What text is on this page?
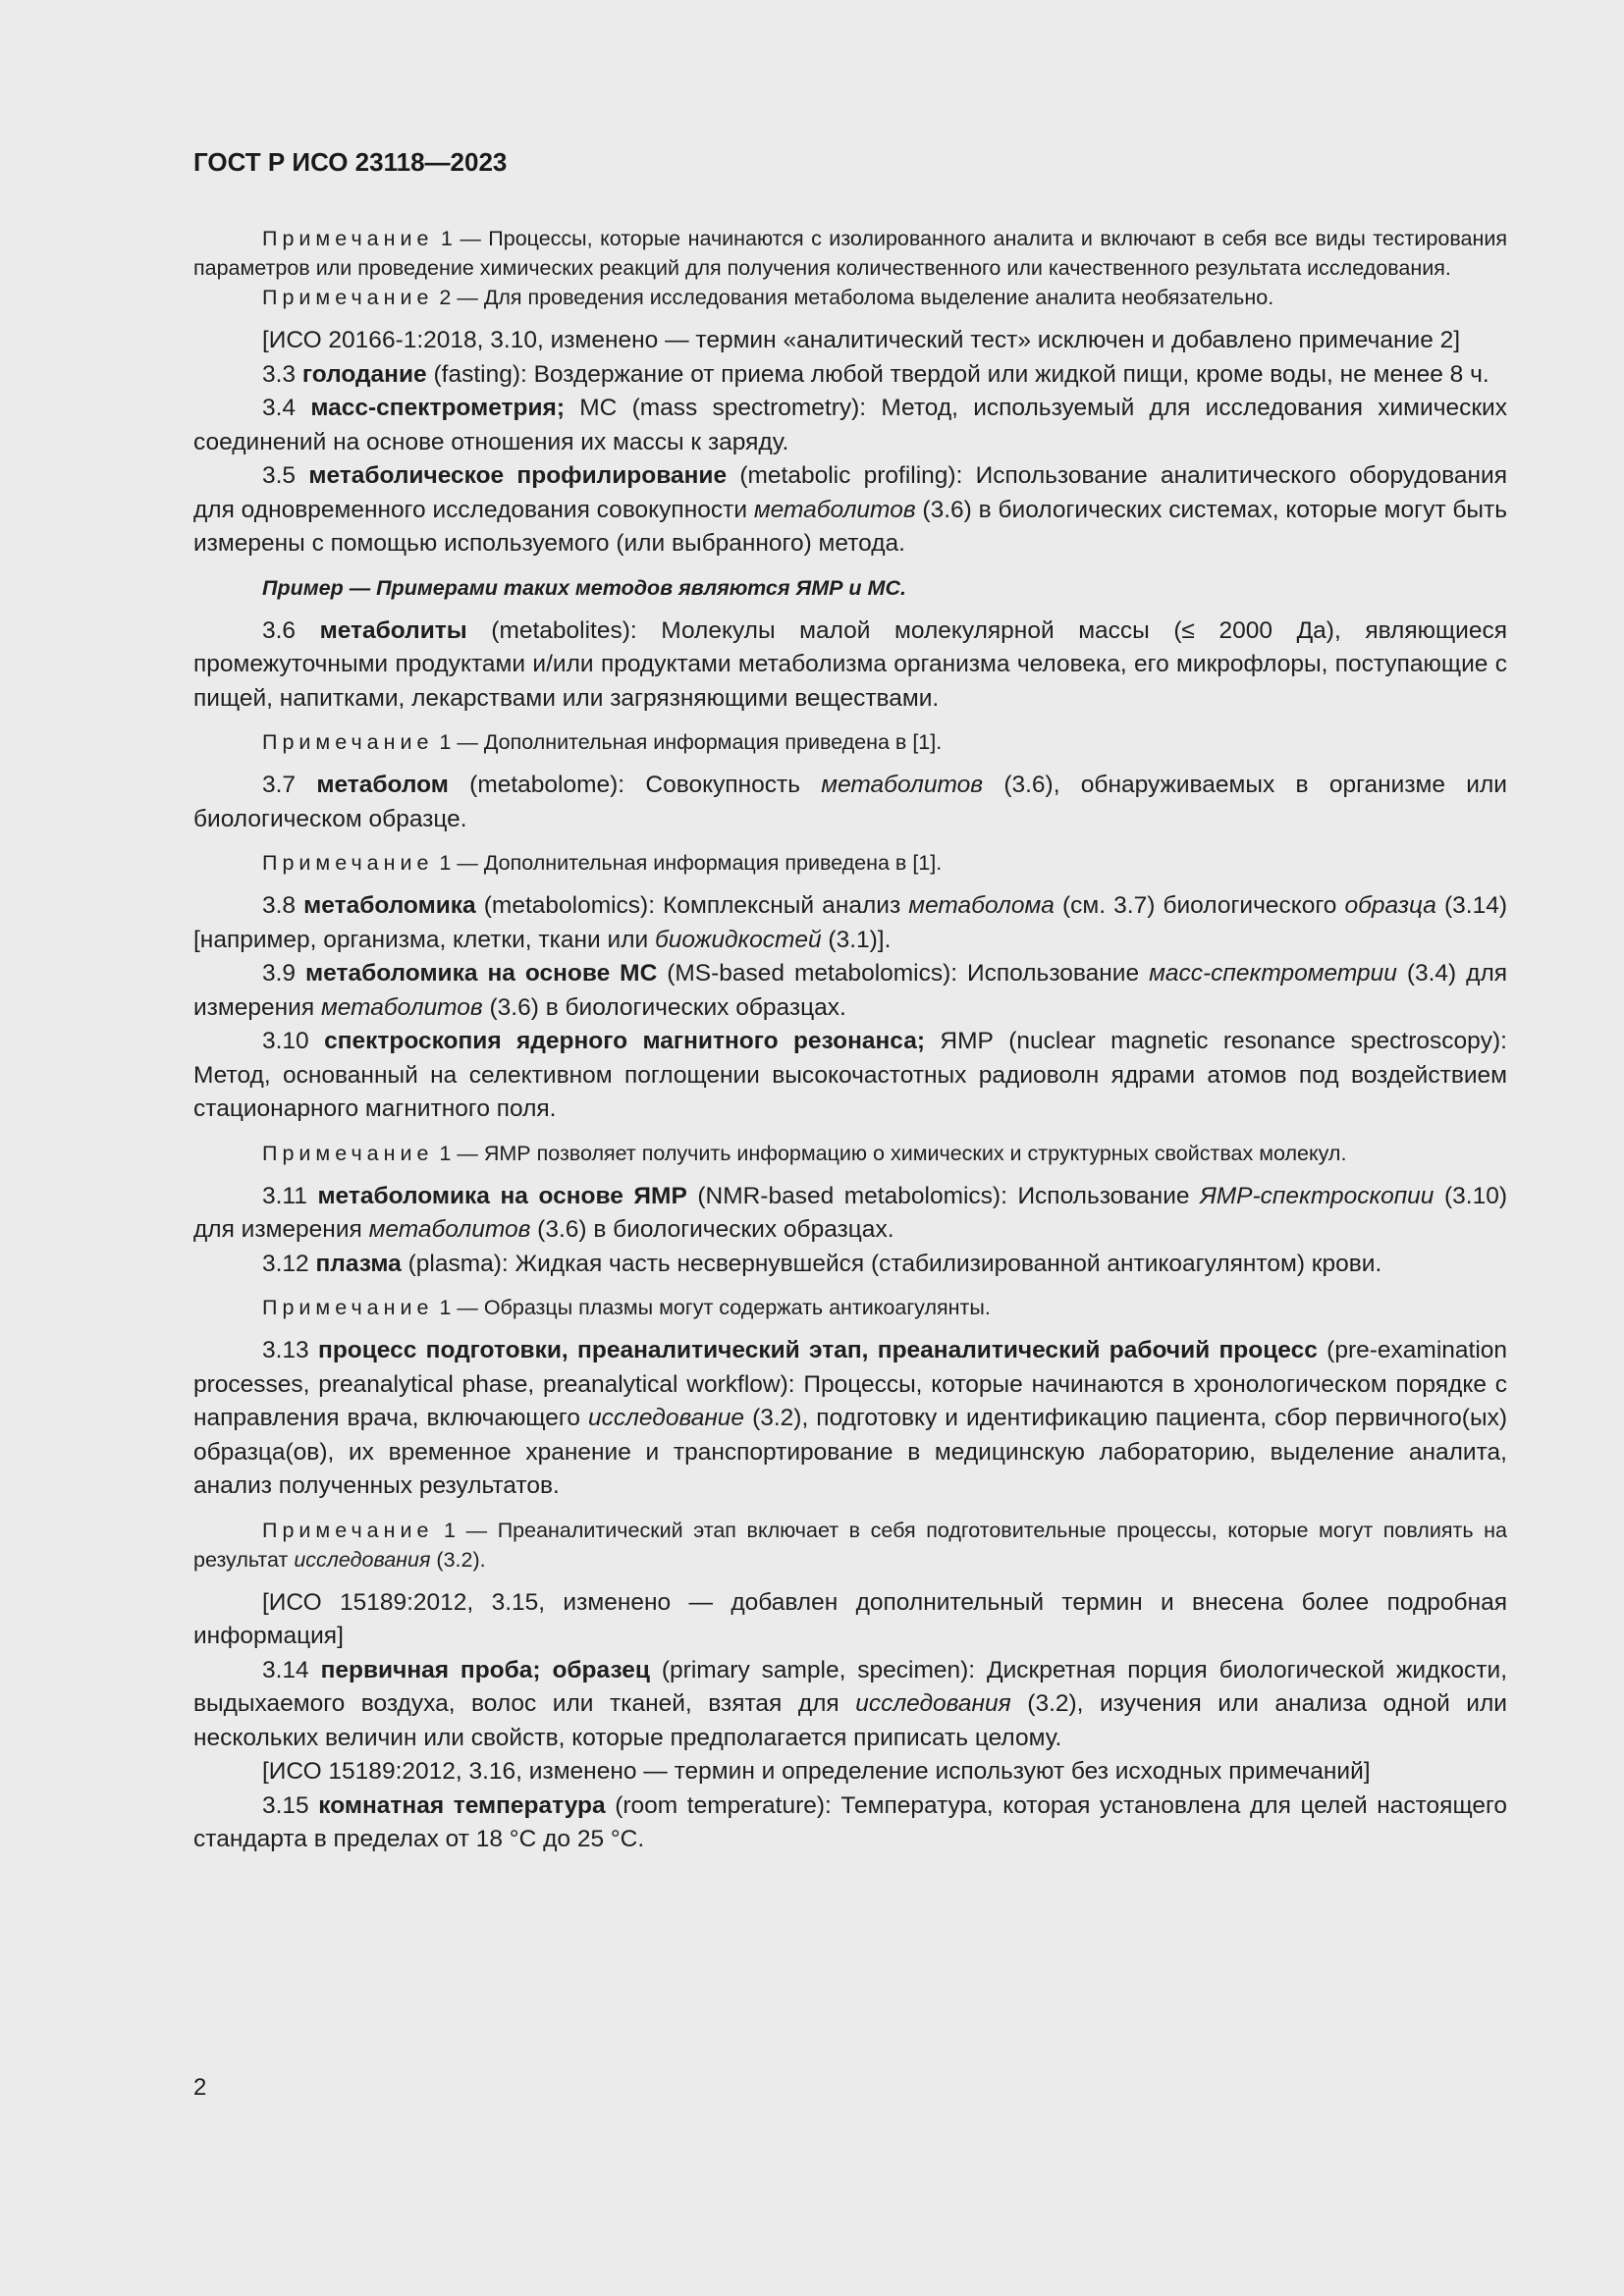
ГОСТ Р ИСО 23118—2023

Примечание 1 — Процессы, которые начинаются с изолированного аналита и включают в себя все виды тестирования параметров или проведение химических реакций для получения количественного или качественного результата исследования.

Примечание 2 — Для проведения исследования метаболома выделение аналита необязательно.

[ИСО 20166-1:2018, 3.10, изменено — термин «аналитический тест» исключен и добавлено примечание 2]

3.3 голодание (fasting): Воздержание от приема любой твердой или жидкой пищи, кроме воды, не менее 8 ч.

3.4 масс-спектрометрия; МС (mass spectrometry): Метод, используемый для исследования химических соединений на основе отношения их массы к заряду.

3.5 метаболическое профилирование (metabolic profiling): Использование аналитического оборудования для одновременного исследования совокупности метаболитов (3.6) в биологических системах, которые могут быть измерены с помощью используемого (или выбранного) метода.

Пример — Примерами таких методов являются ЯМР и МС.

3.6 метаболиты (metabolites): Молекулы малой молекулярной массы (≤ 2000 Да), являющиеся промежуточными продуктами и/или продуктами метаболизма организма человека, его микрофлоры, поступающие с пищей, напитками, лекарствами или загрязняющими веществами.

Примечание 1 — Дополнительная информация приведена в [1].

3.7 метаболом (metabolome): Совокупность метаболитов (3.6), обнаруживаемых в организме или биологическом образце.

Примечание 1 — Дополнительная информация приведена в [1].

3.8 метаболомика (metabolomics): Комплексный анализ метаболома (см. 3.7) биологического образца (3.14) [например, организма, клетки, ткани или биожидкостей (3.1)].

3.9 метаболомика на основе МС (MS-based metabolomics): Использование масс-спектрометрии (3.4) для измерения метаболитов (3.6) в биологических образцах.

3.10 спектроскопия ядерного магнитного резонанса; ЯМР (nuclear magnetic resonance spectroscopy): Метод, основанный на селективном поглощении высокочастотных радиоволн ядрами атомов под воздействием стационарного магнитного поля.

Примечание 1 — ЯМР позволяет получить информацию о химических и структурных свойствах молекул.

3.11 метаболомика на основе ЯМР (NMR-based metabolomics): Использование ЯМР-спектроскопии (3.10) для измерения метаболитов (3.6) в биологических образцах.

3.12 плазма (plasma): Жидкая часть несвернувшейся (стабилизированной антикоагулянтом) крови.

Примечание 1 — Образцы плазмы могут содержать антикоагулянты.

3.13 процесс подготовки, преаналитический этап, преаналитический рабочий процесс (pre-examination processes, preanalytical phase, preanalytical workflow): Процессы, которые начинаются в хронологическом порядке с направления врача, включающего исследование (3.2), подготовку и идентификацию пациента, сбор первичного(ых) образца(ов), их временное хранение и транспортирование в медицинскую лабораторию, выделение аналита, анализ полученных результатов.

Примечание 1 — Преаналитический этап включает в себя подготовительные процессы, которые могут повлиять на результат исследования (3.2).

[ИСО 15189:2012, 3.15, изменено — добавлен дополнительный термин и внесена более подробная информация]

3.14 первичная проба; образец (primary sample, specimen): Дискретная порция биологической жидкости, выдыхаемого воздуха, волос или тканей, взятая для исследования (3.2), изучения или анализа одной или нескольких величин или свойств, которые предполагается приписать целому.

[ИСО 15189:2012, 3.16, изменено — термин и определение используют без исходных примечаний]

3.15 комнатная температура (room temperature): Температура, которая установлена для целей настоящего стандарта в пределах от 18 °С до 25 °С.

2
